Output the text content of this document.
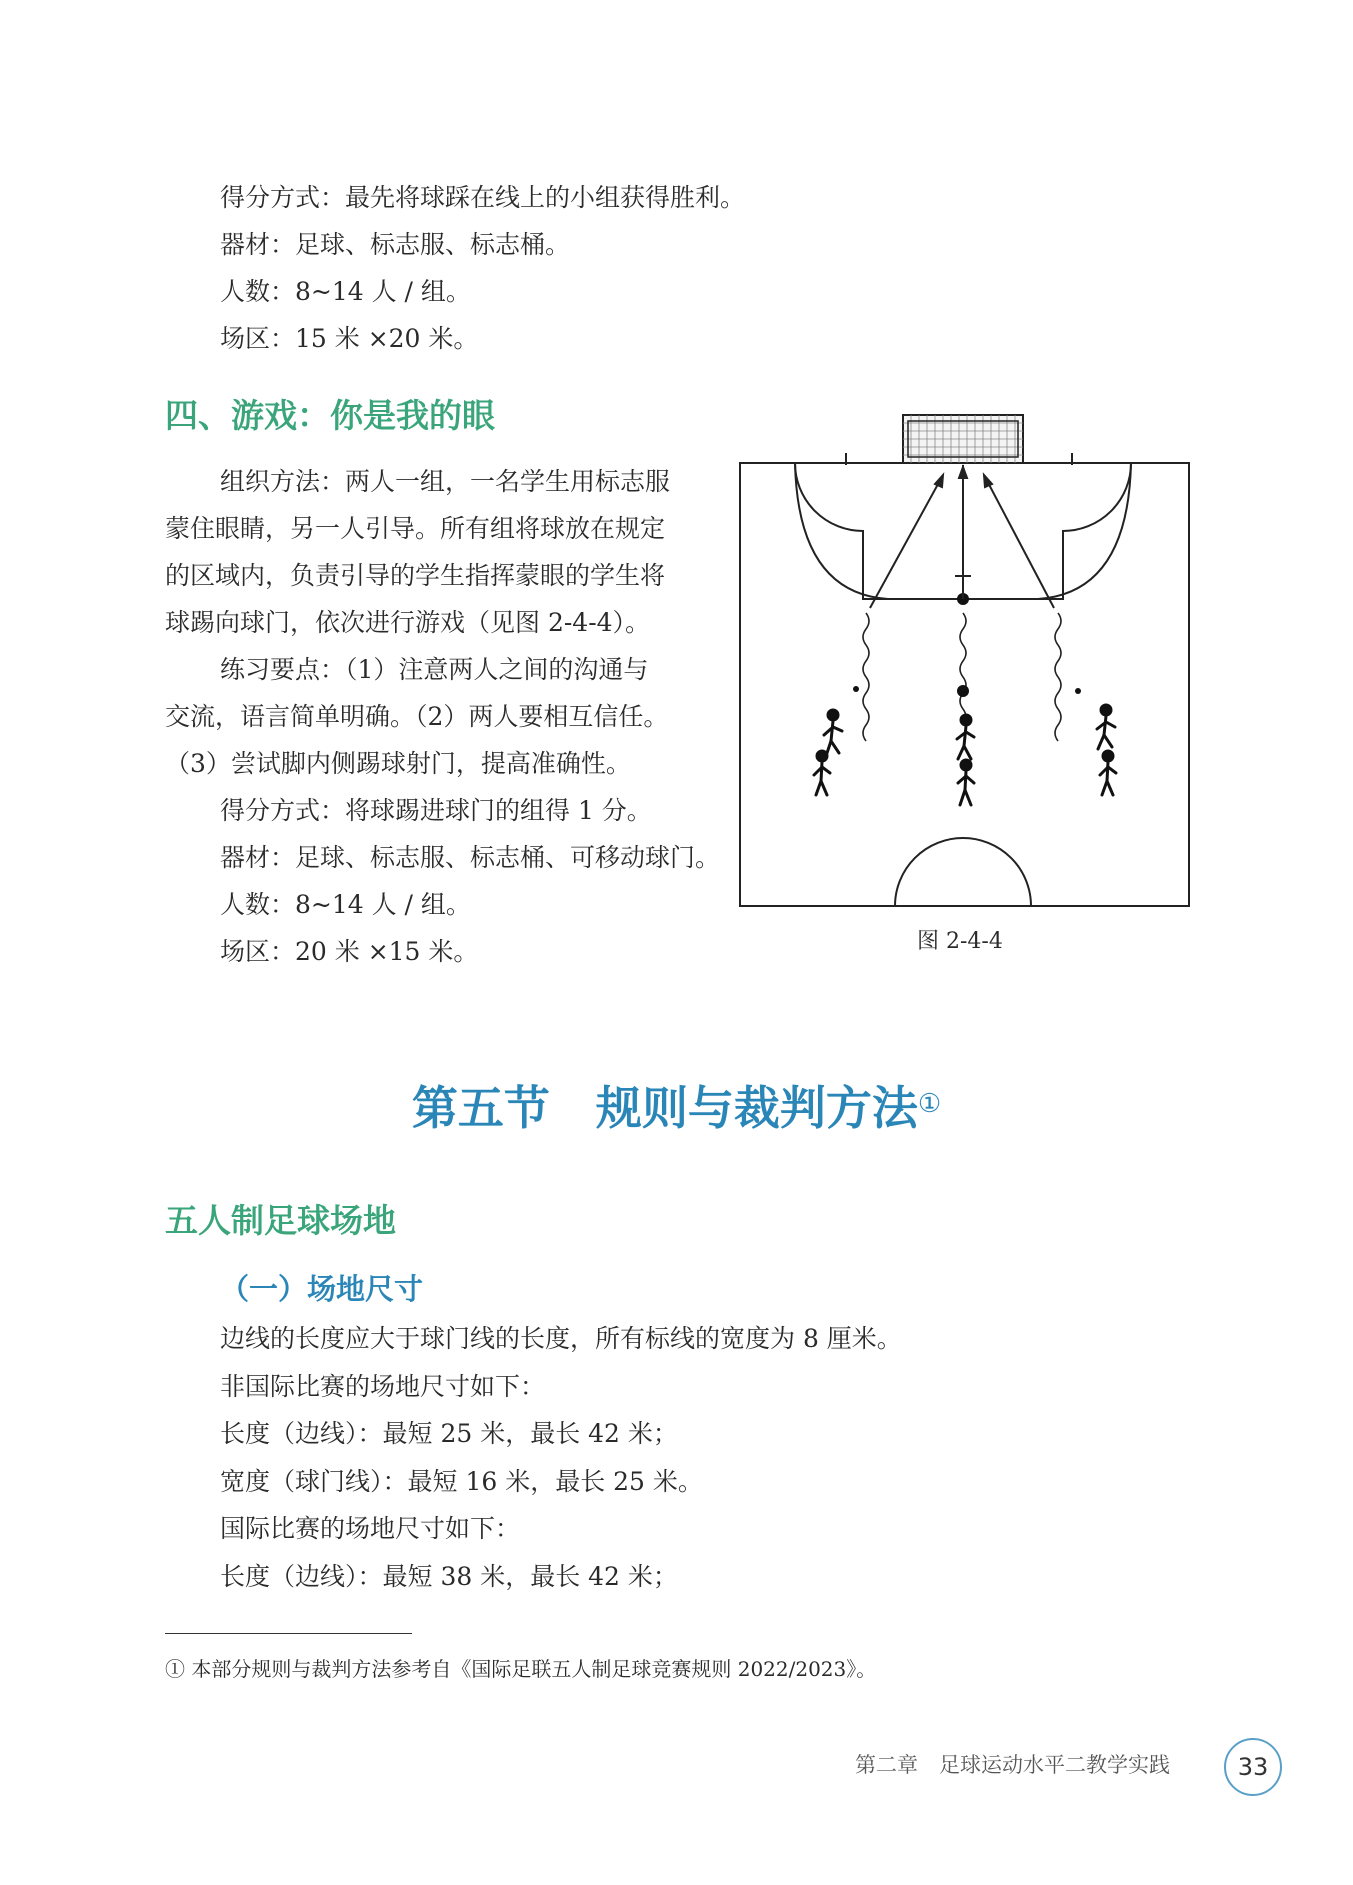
得分方式：最先将球踩在线上的小组获得胜利。
器材：足球、标志服、标志桶。
人数：8~14 人 / 组。
场区：15 米 ×20 米。
四、游戏：你是我的眼
组织方法：两人一组，一名学生用标志服
蒙住眼睛，另一人引导。所有组将球放在规定
的区域内，负责引导的学生指挥蒙眼的学生将
球踢向球门，依次进行游戏（见图 2-4-4）。
练习要点：（1）注意两人之间的沟通与
交流，语言简单明确。（2）两人要相互信任。
（3）尝试脚内侧踢球射门，提高准确性。
得分方式：将球踢进球门的组得 1 分。
器材：足球、标志服、标志桶、可移动球门。
人数：8~14 人 / 组。
场区：20 米 ×15 米。	图 2-4-4
第五节　规则与裁判方法①
五人制足球场地
（一）场地尺寸
边线的长度应大于球门线的长度，所有标线的宽度为 8 厘米。
非国际比赛的场地尺寸如下：
长度（边线）：最短 25 米，最长 42 米；
宽度（球门线）：最短 16 米，最长 25 米。
国际比赛的场地尺寸如下：
长度（边线）：最短 38 米，最长 42 米；
① 本部分规则与裁判方法参考自《国际足联五人制足球竞赛规则 2022/2023》。
第二章　足球运动水平二教学实践	33
